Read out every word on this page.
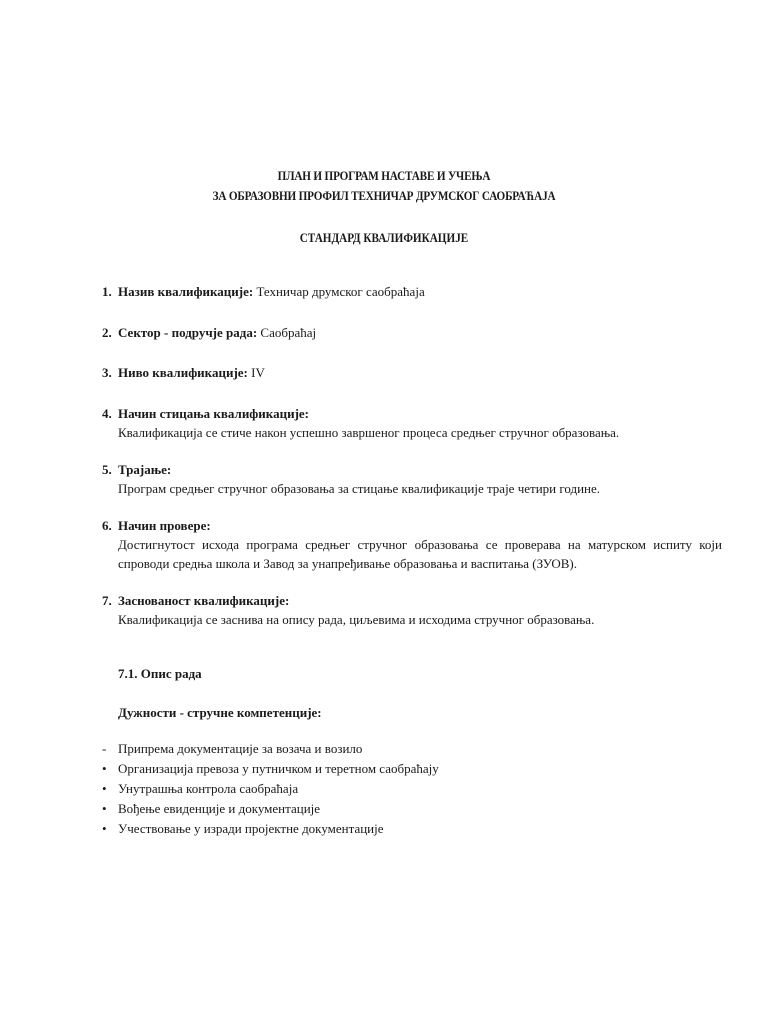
ПЛАН И ПРОГРАМ НАСТАВЕ И УЧЕЊА
ЗА ОБРАЗОВНИ ПРОФИЛ ТЕХНИЧАР ДРУМСКОГ САОБРАЋАЈА
СТАНДАРД КВАЛИФИКАЦИЈЕ
1. Назив квалификације: Техничар друмског саобраћаја
2. Сектор - подручје рада: Саобраћај
3. Ниво квалификације: IV
4. Начин стицања квалификације:
Квалификација се стиче након успешно завршеног процеса средњег стручног образовања.
5. Трајање:
Програм средњег стручног образовања за стицање квалификације траје четири године.
6. Начин провере:
Достигнутост исхода програма средњег стручног образовања се проверава на матурском испиту који спроводи средња школа и Завод за унапређивање образовања и васпитања (ЗУОВ).
7. Заснованост квалификације:
Квалификација се заснива на опису рада, циљевима и исходима стручног образовања.
7.1. Опис рада
Дужности - стручне компетенције:
- Припрема документације за возача и возило
• Организација превоза у путничком и теретном саобраћају
• Унутрашња контрола саобраћаја
• Вођење евиденције и документације
• Учествовање у изради пројектне документације
